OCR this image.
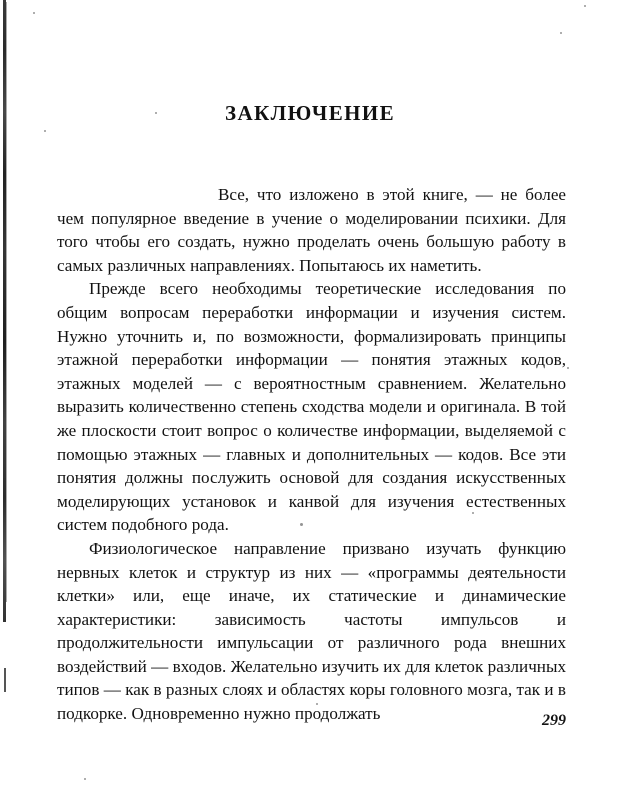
ЗАКЛЮЧЕНИЕ

Все, что изложено в этой книге, — не более чем популярное введение в учение о моделировании психики. Для того чтобы его создать, нужно проделать очень большую работу в самых различных направлениях. Попытаюсь их наметить.

Прежде всего необходимы теоретические исследования по общим вопросам переработки информации и изучения систем. Нужно уточнить и, по возможности, формализировать принципы этажной переработки информации — понятия этажных кодов, этажных моделей — с вероятностным сравнением. Желательно выразить количественно степень сходства модели и оригинала. В той же плоскости стоит вопрос о количестве информации, выделяемой с помощью этажных — главных и дополнительных — кодов. Все эти понятия должны послужить основой для создания искусственных моделирующих установок и канвой для изучения естественных систем подобного рода.

Физиологическое направление призвано изучать функцию нервных клеток и структур из них — «программы деятельности клетки» или, еще иначе, их статические и динамические характеристики: зависимость частоты импульсов и продолжительности импульсации от различного рода внешних воздействий — входов. Желательно изучить их для клеток различных типов — как в разных слоях и областях коры головного мозга, так и в подкорке. Одновременно нужно продолжать	299
